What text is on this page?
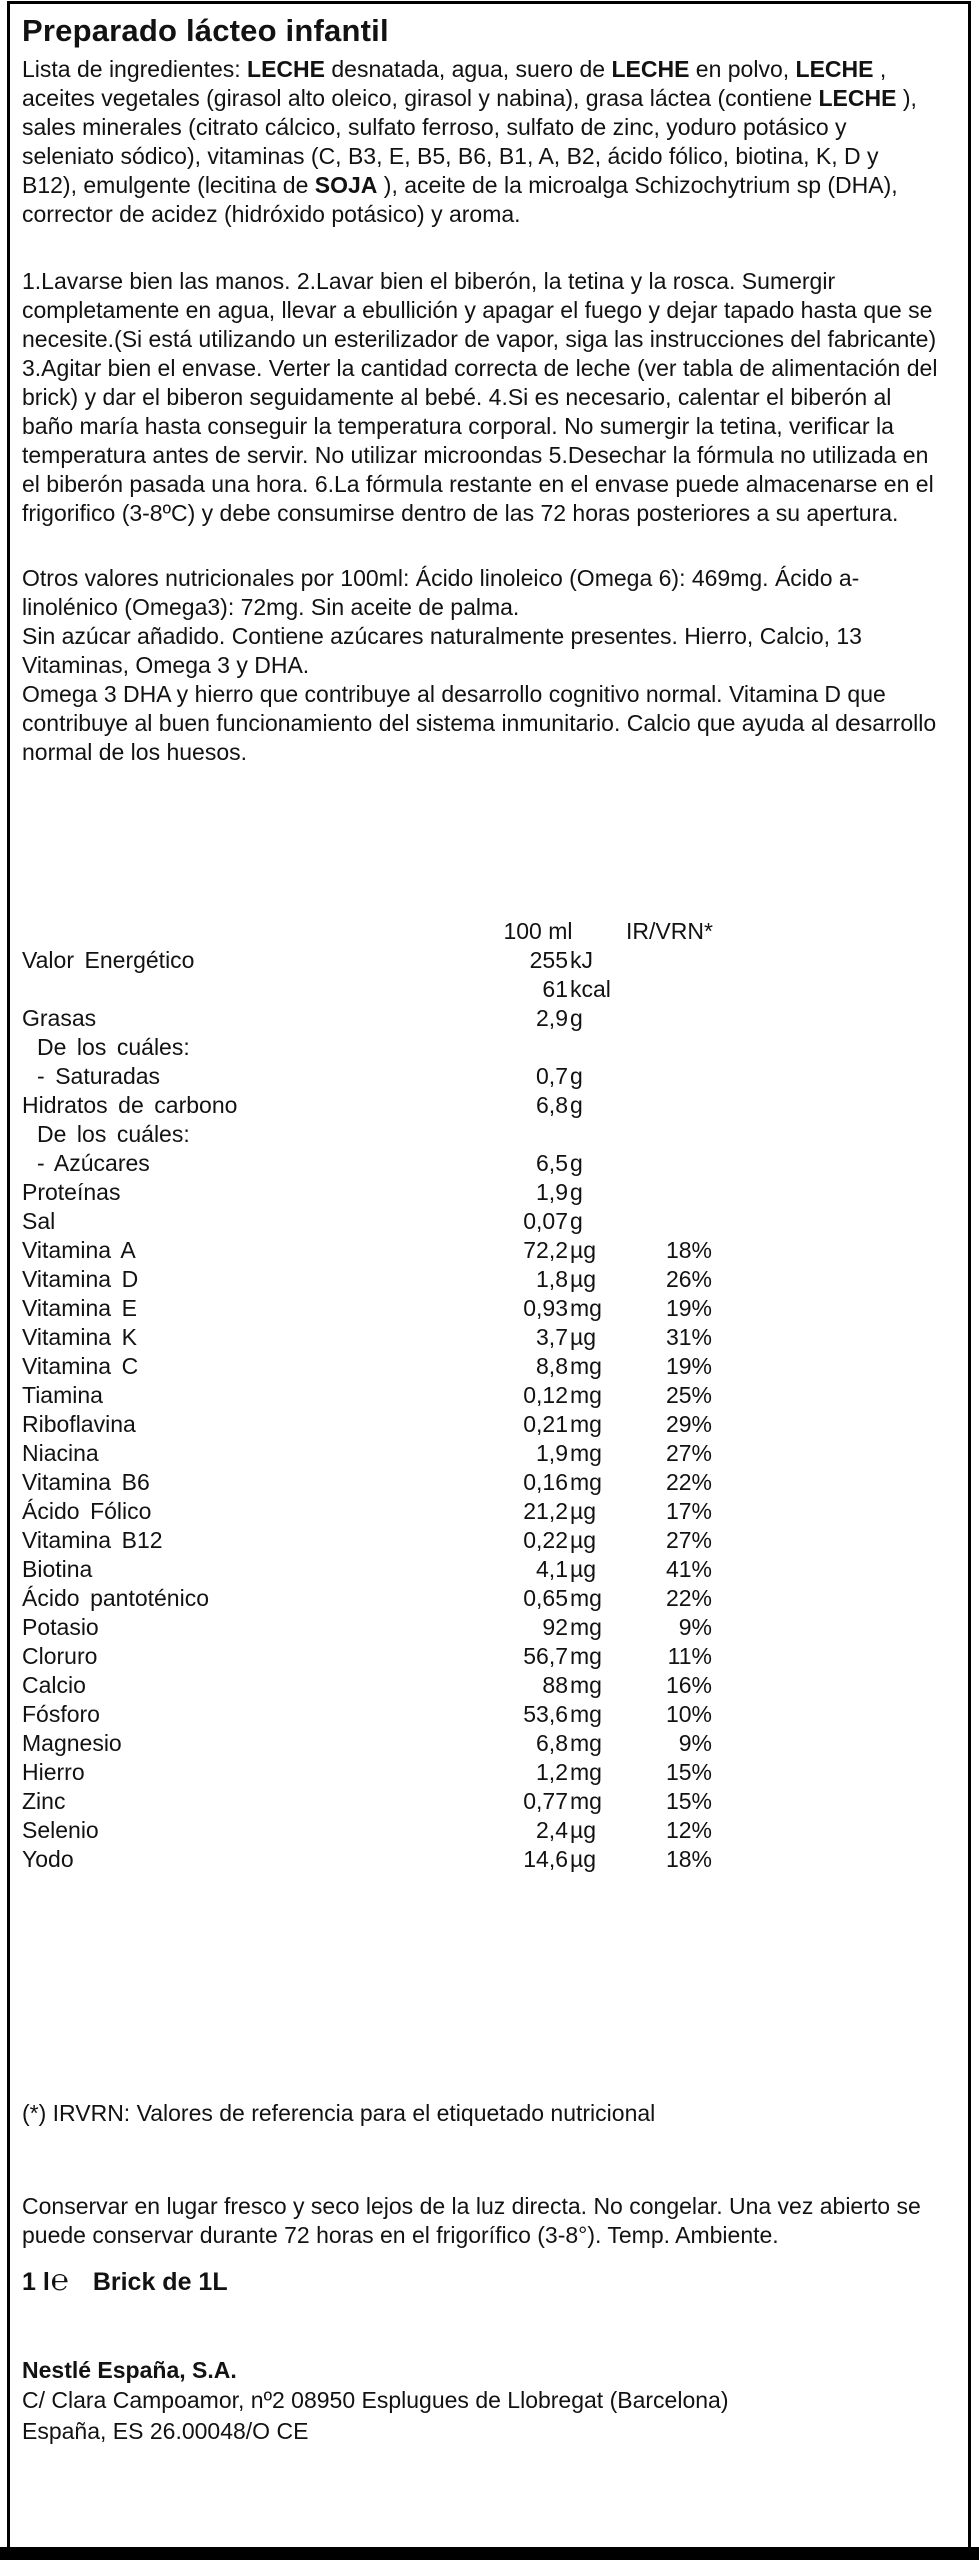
Preparado lácteo infantil
Lista de ingredientes: LECHE desnatada, agua, suero de LECHE en polvo, LECHE , aceites vegetales (girasol alto oleico, girasol y nabina), grasa láctea (contiene LECHE ), sales minerales (citrato cálcico, sulfato ferroso, sulfato de zinc, yoduro potásico y seleniato sódico), vitaminas (C, B3, E, B5, B6, B1, A, B2, ácido fólico, biotina, K, D y B12), emulgente (lecitina de SOJA ), aceite de la microalga Schizochytrium sp (DHA), corrector de acidez (hidróxido potásico) y aroma.
1.Lavarse bien las manos. 2.Lavar bien el biberón, la tetina y la rosca. Sumergir completamente en agua, llevar a ebullición y apagar el fuego y dejar tapado hasta que se necesite.(Si está utilizando un esterilizador de vapor, siga las instrucciones del fabricante) 3.Agitar bien el envase. Verter la cantidad correcta de leche (ver tabla de alimentación del brick) y dar el biberon seguidamente al bebé. 4.Si es necesario, calentar el biberón al baño maría hasta conseguir la temperatura corporal. No sumergir la tetina, verificar la temperatura antes de servir. No utilizar microondas 5.Desechar la fórmula no utilizada en el biberón pasada una hora. 6.La fórmula restante en el envase puede almacenarse en el frigorifico (3-8ºC) y debe consumirse dentro de las 72 horas posteriores a su apertura.
Otros valores nutricionales por 100ml: Ácido linoleico (Omega 6): 469mg. Ácido a-linolénico (Omega3): 72mg. Sin aceite de palma.
Sin azúcar añadido. Contiene azúcares naturalmente presentes. Hierro, Calcio, 13 Vitaminas, Omega 3 y DHA.
Omega 3 DHA y hierro que contribuye al desarrollo cognitivo normal. Vitamina D que contribuye al buen funcionamiento del sistema inmunitario. Calcio que ayuda al desarrollo normal de los huesos.
100 ml	IR/VRN*
Valor Energético	255 kJ
61 kcal
Grasas	2,9 g
De los cuáles:
- Saturadas	0,7 g
Hidratos de carbono	6,8 g
De los cuáles:
- Azúcares	6,5 g
Proteínas	1,9 g
Sal	0,07 g
Vitamina A	72,2 µg	18%
Vitamina D	1,8 µg	26%
Vitamina E	0,93 mg	19%
Vitamina K	3,7 µg	31%
Vitamina C	8,8 mg	19%
Tiamina	0,12 mg	25%
Riboflavina	0,21 mg	29%
Niacina	1,9 mg	27%
Vitamina B6	0,16 mg	22%
Ácido Fólico	21,2 µg	17%
Vitamina B12	0,22 µg	27%
Biotina	4,1 µg	41%
Ácido pantoténico	0,65 mg	22%
Potasio	92 mg	9%
Cloruro	56,7 mg	11%
Calcio	88 mg	16%
Fósforo	53,6 mg	10%
Magnesio	6,8 mg	9%
Hierro	1,2 mg	15%
Zinc	0,77 mg	15%
Selenio	2,4 µg	12%
Yodo	14,6 µg	18%
(*) IRVRN: Valores de referencia para el etiquetado nutricional
Conservar en lugar fresco y seco lejos de la luz directa. No congelar. Una vez abierto se puede conservar durante 72 horas en el frigorífico (3-8°). Temp. Ambiente.
1 l ℮ Brick de 1L
Nestlé España, S.A.
C/ Clara Campoamor, nº2 08950 Esplugues de Llobregat (Barcelona)
España, ES 26.00048/O CE
